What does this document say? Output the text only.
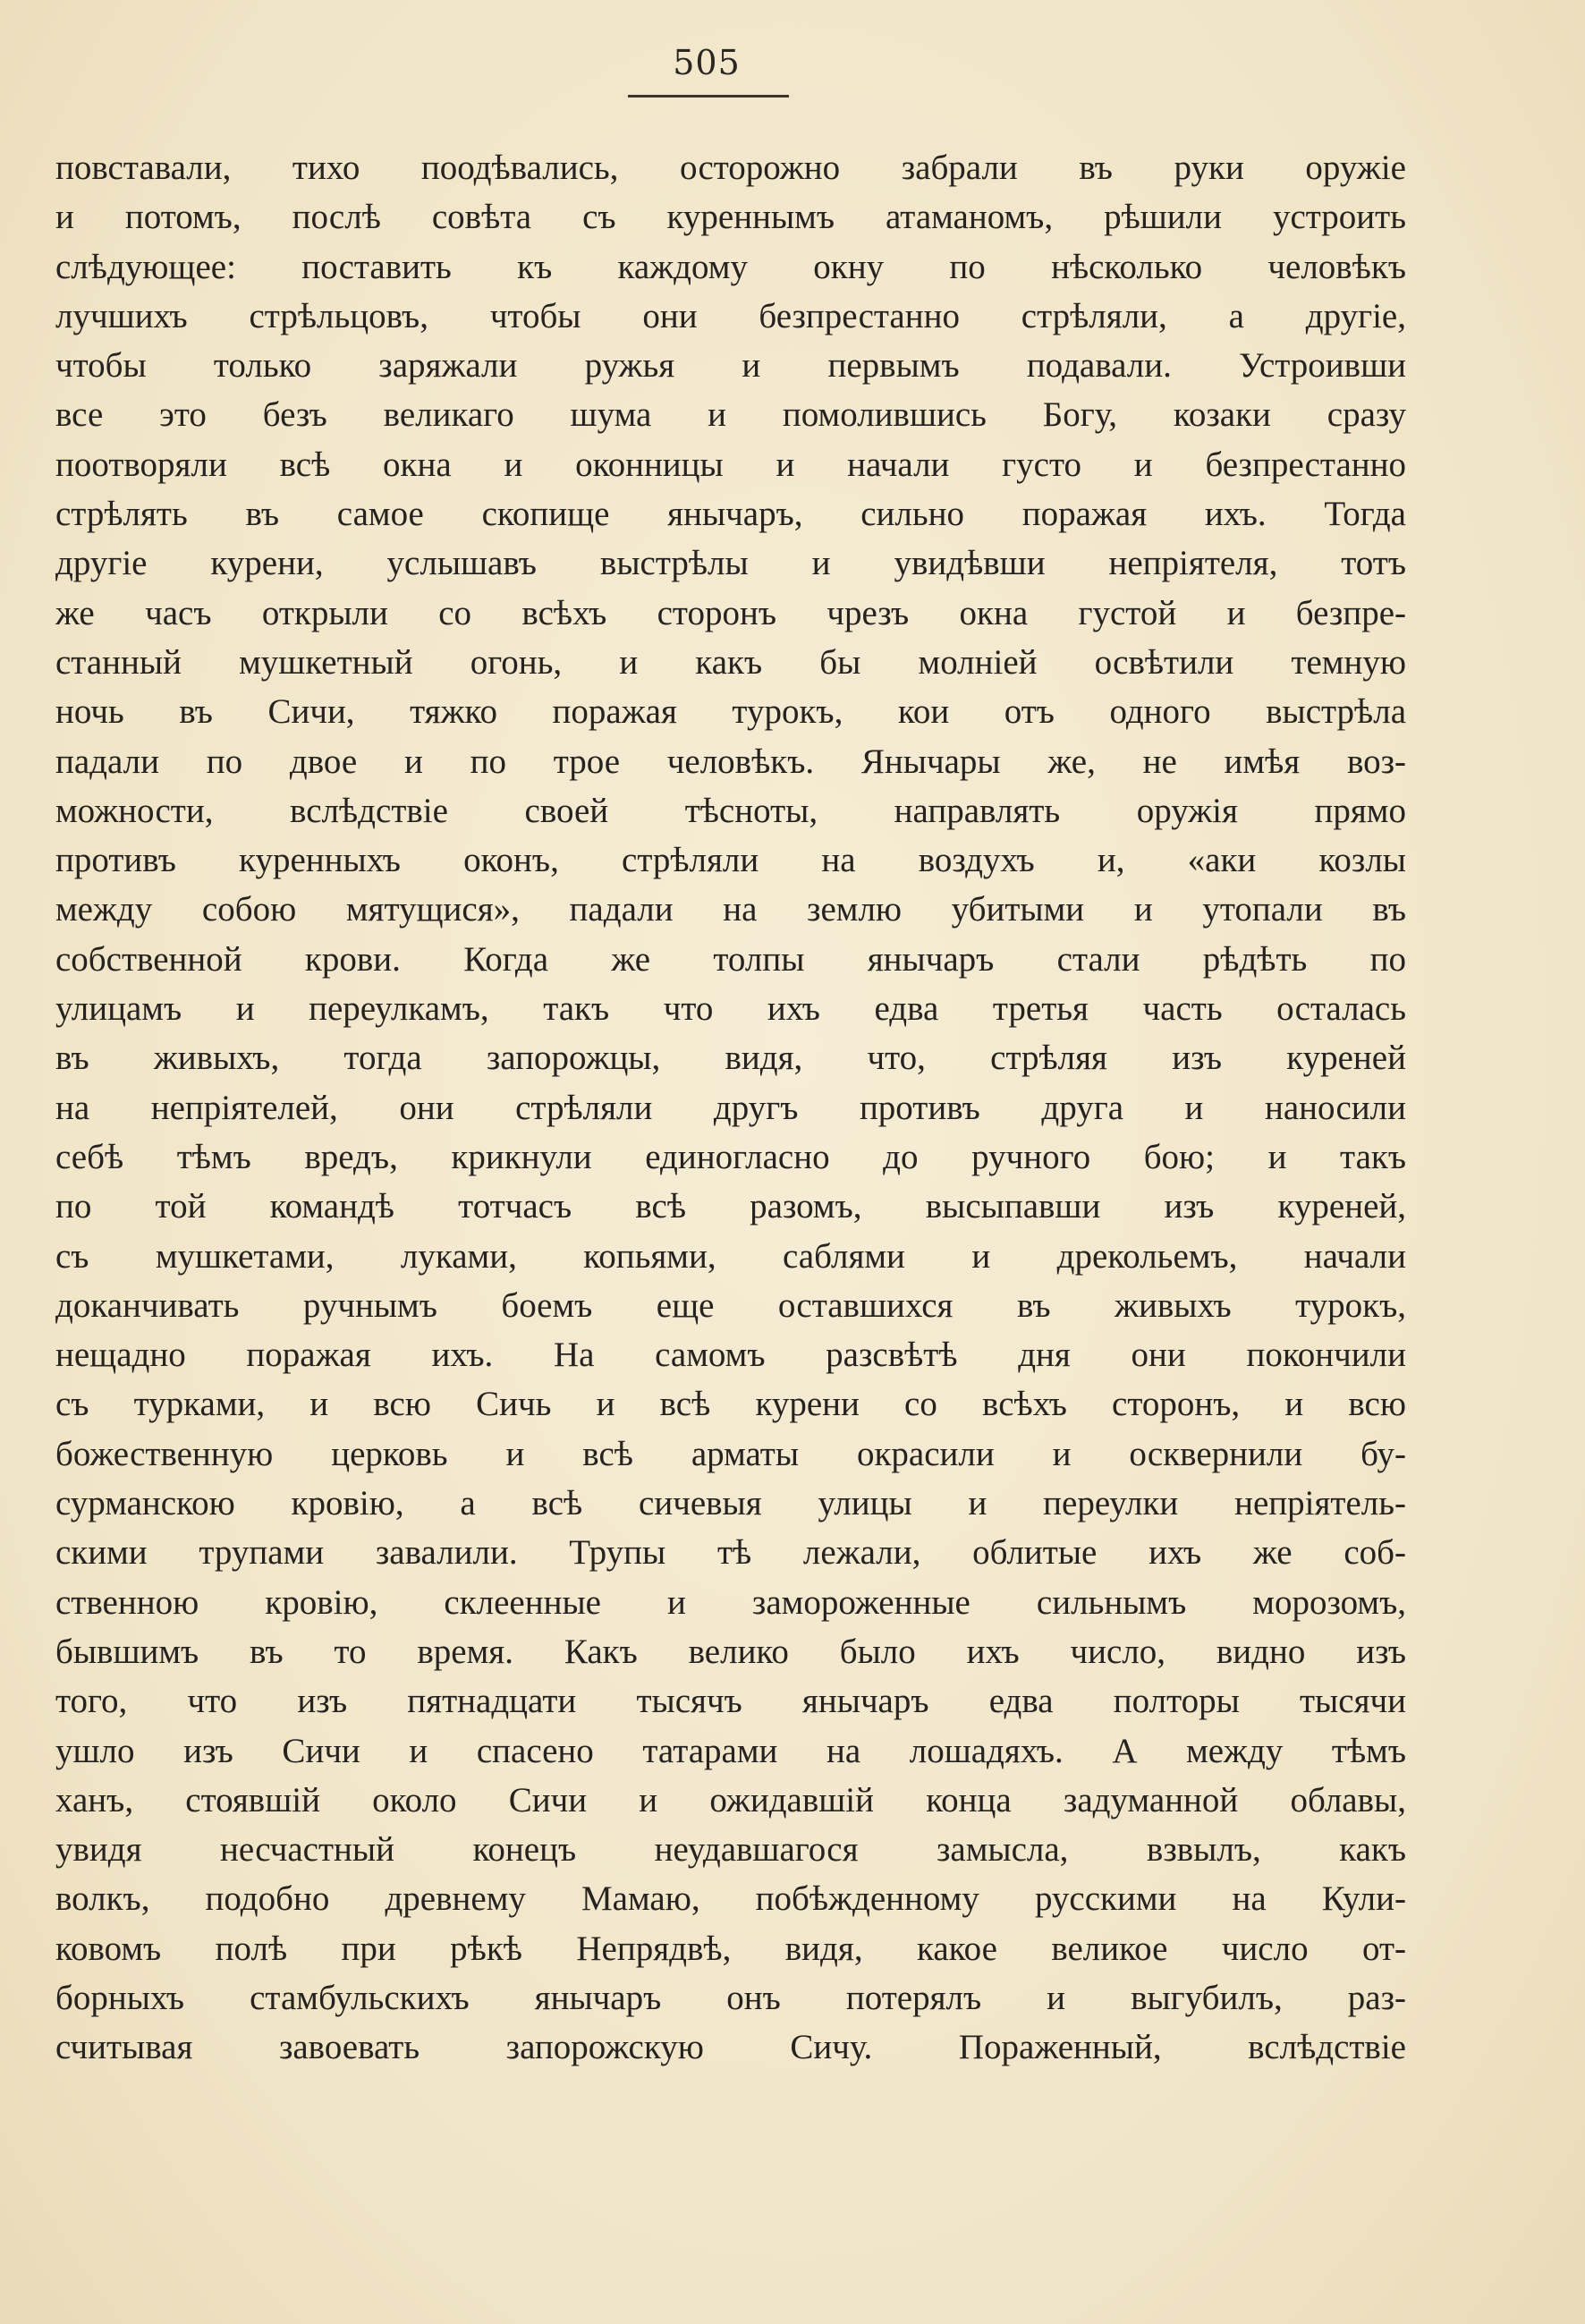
505
повставали, тихо поодѣвались, осторожно забрали въ руки оружіе
и потомъ, послѣ совѣта съ куреннымъ атаманомъ, рѣшили устроить
слѣдующее: поставить къ каждому окну по нѣсколько человѣкъ
лучшихъ стрѣльцовъ, чтобы они безпрестанно стрѣляли, а другіе,
чтобы только заряжали ружья и первымъ подавали. Устроивши
все это безъ великаго шума и помолившись Богу, козаки сразу
поотворяли всѣ окна и оконницы и начали густо и безпрестанно
стрѣлять въ самое скопище янычаръ, сильно поражая ихъ. Тогда
другіе курени, услышавъ выстрѣлы и увидѣвши непріятеля, тотъ
же часъ открыли со всѣхъ сторонъ чрезъ окна густой и безпре-
станный мушкетный огонь, и какъ бы молніей освѣтили темную
ночь въ Сичи, тяжко поражая турокъ, кои отъ одного выстрѣла
падали по двое и по трое человѣкъ. Янычары же, не имѣя воз-
можности, вслѣдствіе своей тѣсноты, направлять оружія прямо
противъ куренныхъ оконъ, стрѣляли на воздухъ и, «аки козлы
между собою мятущися», падали на землю убитыми и утопали въ
собственной крови. Когда же толпы янычаръ стали рѣдѣть по
улицамъ и переулкамъ, такъ что ихъ едва третья часть осталась
въ живыхъ, тогда запорожцы, видя, что, стрѣляя изъ куреней
на непріятелей, они стрѣляли другъ противъ друга и наносили
себѣ тѣмъ вредъ, крикнули единогласно до ручного бою; и такъ
по той командѣ тотчасъ всѣ разомъ, высыпавши изъ куреней,
съ мушкетами, луками, копьями, саблями и дрекольемъ, начали
доканчивать ручнымъ боемъ еще оставшихся въ живыхъ турокъ,
нещадно поражая ихъ. На самомъ разсвѣтѣ дня они покончили
съ турками, и всю Сичь и всѣ курени со всѣхъ сторонъ, и всю
божественную церковь и всѣ арматы окрасили и осквернили бу-
сурманскою кровію, а всѣ сичевыя улицы и переулки непріятель-
скими трупами завалили. Трупы тѣ лежали, облитые ихъ же соб-
ственною кровію, склеенные и замороженные сильнымъ морозомъ,
бывшимъ въ то время. Какъ велико было ихъ число, видно изъ
того, что изъ пятнадцати тысячъ янычаръ едва полторы тысячи
ушло изъ Сичи и спасено татарами на лошадяхъ. А между тѣмъ
ханъ, стоявшій около Сичи и ожидавшій конца задуманной облавы,
увидя несчастный конецъ неудавшагося замысла, взвылъ, какъ
волкъ, подобно древнему Мамаю, побѣжденному русскими на Кули-
ковомъ полѣ при рѣкѣ Непрядвѣ, видя, какое великое число от-
борныхъ стамбульскихъ янычаръ онъ потерялъ и выгубилъ, раз-
считывая завоевать запорожскую Сичу. Пораженный, вслѣдствіе
